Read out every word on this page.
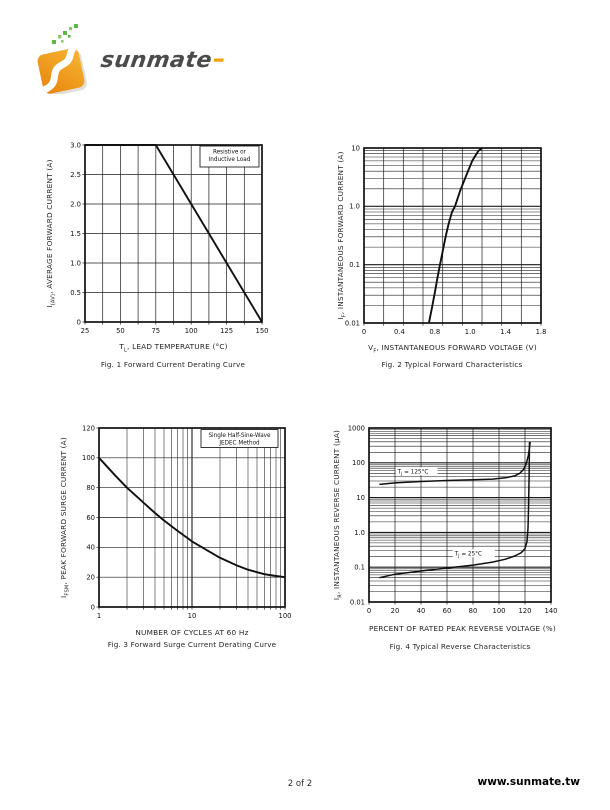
sunmate
Resistive or
Inductive Load
25	50	75	100	125	150
0
0.5
1.0
1.5
2.0
2.5
3.0
0	0.4	0.8	1.0	1.4	1.8
0.01
0.1
1.0
10
Single Half-Sine-Wave
JEDEC Method
1	10	100
0
20
40
60
80
100
120
$T_J = 125^\circ C$
$T_J = 25^\circ C$
0	20	40	60	80 100 120 140
0.01
0.1
1.0
10
100
1000
$I_{(AV)}$, AVERAGE FORWARD CURRENT (A)
$T_L$, LEAD TEMPERATURE (°C)
Fig. 1 Forward Current Derating Curve
$I_F$, INSTANTANEOUS FORWARD CURRENT (A)
$V_F$, INSTANTANEOUS FORWARD VOLTAGE (V)
Fig. 2 Typical Forward Characteristics
$I_{FSM}$, PEAK FORWARD SURGE CURRENT (A)
NUMBER OF CYCLES AT 60 Hz
Fig. 3 Forward Surge Current Derating Curve
$I_R$, INSTANTANEOUS REVERSE CURRENT (μA)
PERCENT OF RATED PEAK REVERSE VOLTAGE (%)
Fig. 4 Typical Reverse Characteristics
2 of 2	www.sunmate.tw
